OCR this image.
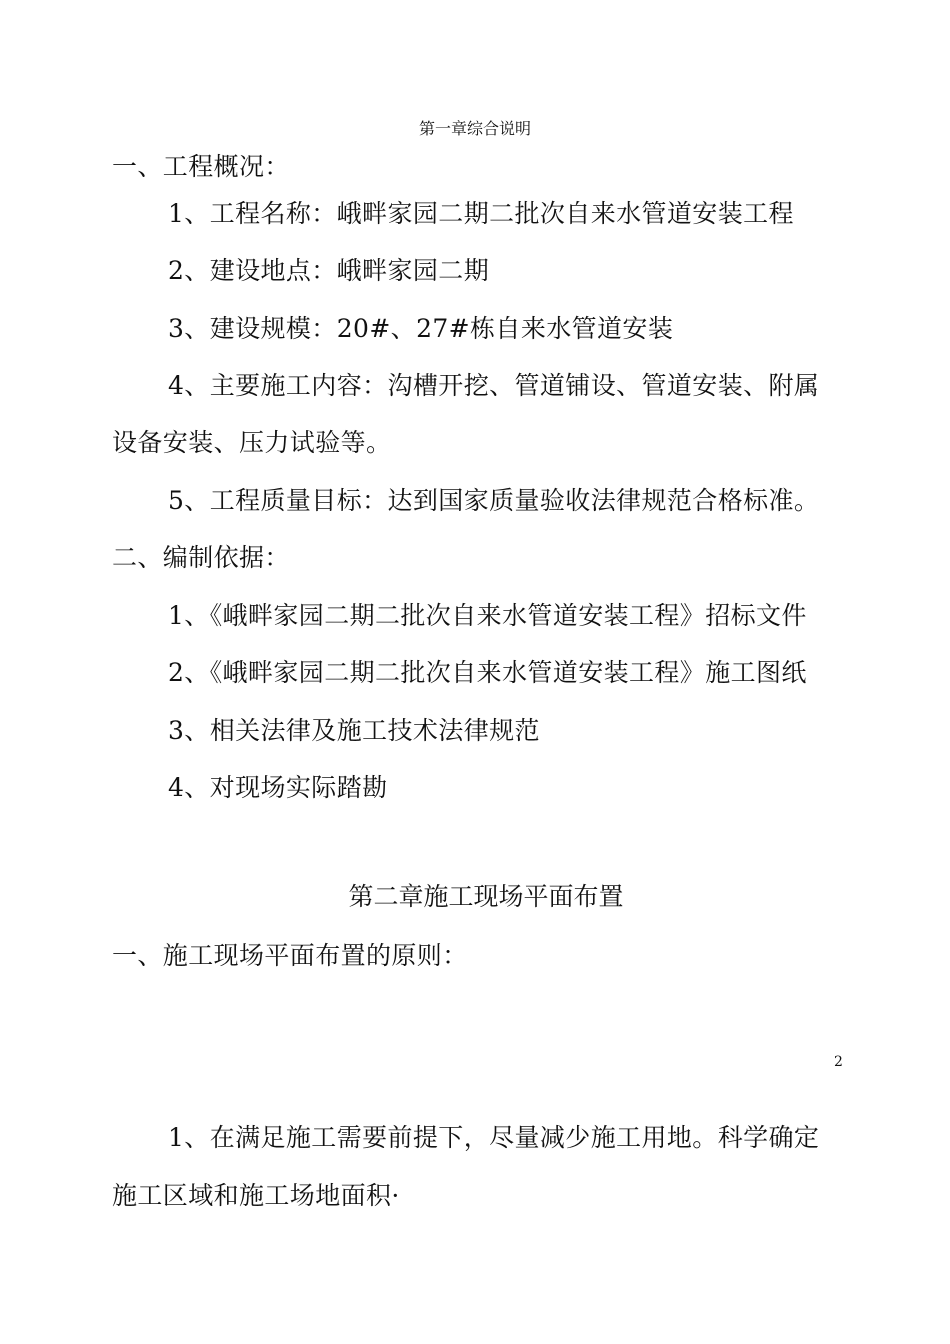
第一章综合说明
一、工程概况：
1、工程名称：峨畔家园二期二批次自来水管道安装工程
2、建设地点：峨畔家园二期
3、建设规模：20#、27#栋自来水管道安装
4、主要施工内容：沟槽开挖、管道铺设、管道安装、附属
设备安装、压力试验等。
5、工程质量目标：达到国家质量验收法律规范合格标准。
二、编制依据：
1、《峨畔家园二期二批次自来水管道安装工程》招标文件
2、《峨畔家园二期二批次自来水管道安装工程》施工图纸
3、相关法律及施工技术法律规范
4、对现场实际踏勘
第二章施工现场平面布置
一、施工现场平面布置的原则：
2
1、在满足施工需要前提下，尽量减少施工用地。科学确定
施工区域和施工场地面积·
